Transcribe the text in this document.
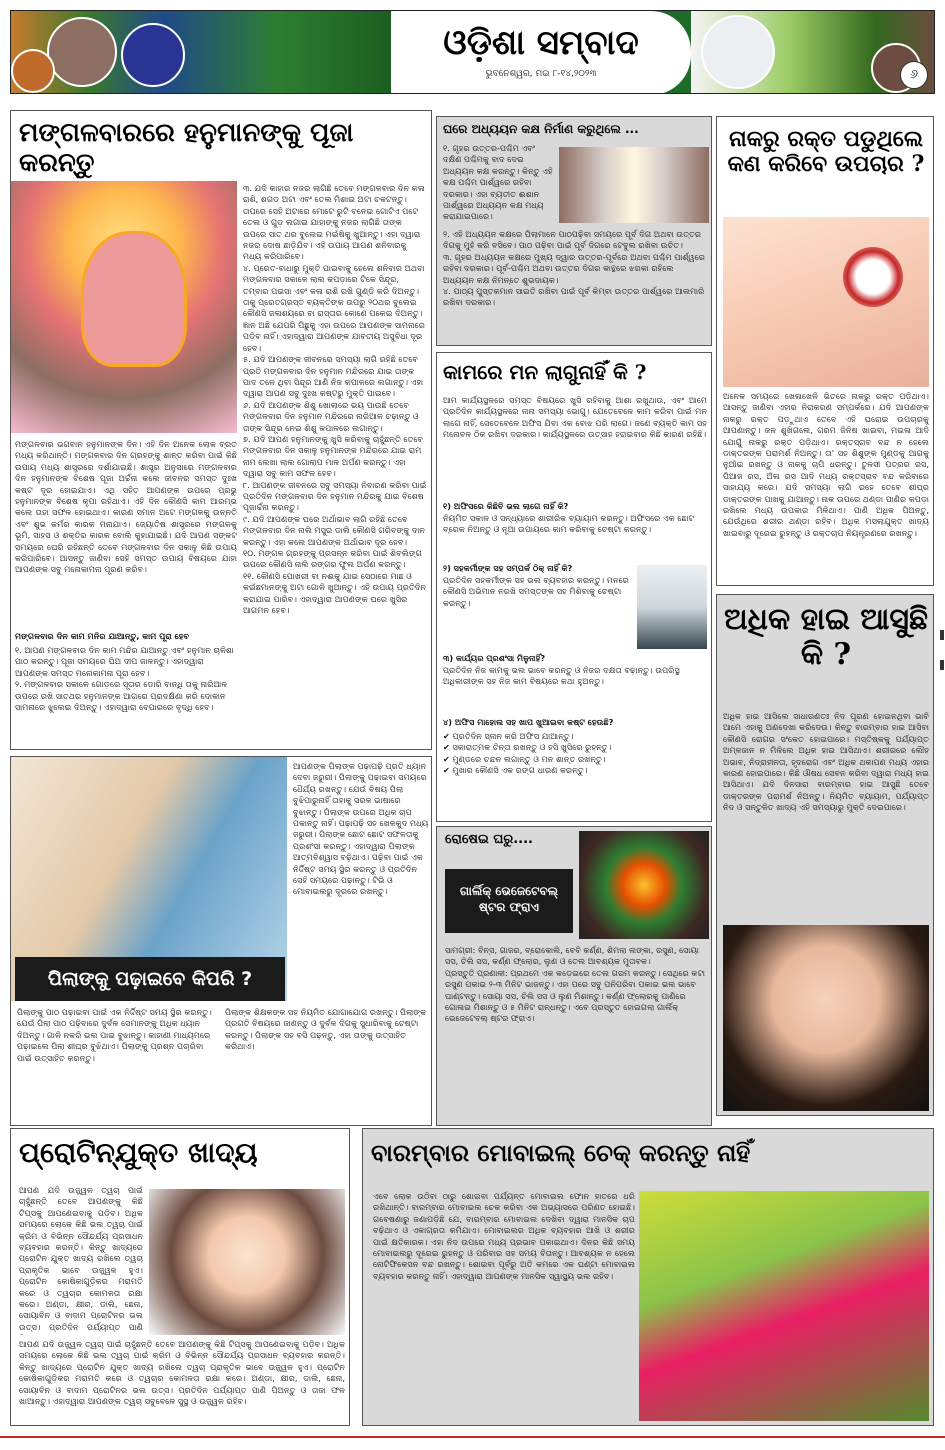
ଓଡ଼ିଶା ସମ୍ବାଦ
ଭୁବନେଶ୍ୱର, ମଇ ୮-୧୪,୨୦୨୩	୬
ମଙ୍ଗଳବାରରେ ହନୁମାନଙ୍କୁ ପୂଜା କରନ୍ତୁ
୩. ଯଦି କାହାର ନଜର ଲାଗିଛି ତେବେ ମଙ୍ଗଳବାର ଦିନ କଳା ରାଶି, ଶଗଡ ଅଟା ଏବଂ ତେଲ ମିଶାଇ ଅଟା ଚକଟନ୍ତୁ। ତାପରେ ସେହି ଅଟାରେ ମୋଟେ ରୁଟି ବନେଇ ଗୋଟିଏ ପଟେ ତେଲ ଓ ଗୁଡ଼ ଲଗାଇ ଯାହାଙ୍କୁ ନଜର ଲାଗିଛି ତାଙ୍କ ଉପରେ ସାତ ଥର ବୁଲେଇ ମଇଁଷିକୁ ଖୁଆନ୍ତୁ। ଏହା ଦ୍ୱାରା ନଜର ଦୋଷ ଛାଡ଼ିଯିବ। ଏହି ଉପାୟ ଆପଣ ଶନିବାରକୁ ମଧ୍ୟ କରିପାରିବେ।
୪. ପ୍ରେତ-ବାଧାରୁ ମୁକ୍ତି ପାଇବାକୁ ହେଲେ ଶନିବାର ଅଥବା ମଙ୍ଗଳବାର ସକାଳେ ଲାଲ କପଡ଼ାରେ ଟିକେ ସିନ୍ଦୂର, ତମ୍ବାର ପଇସା ଏବଂ କଳା ରାଶି ରଖି ଗୁଣ୍ଡି କରି ଦିଅନ୍ତୁ। ତାକୁ ପ୍ରେତଗ୍ରସ୍ତ ବ୍ୟକ୍ତିଙ୍କ ଉପରୁ ୨୦ଥର ବୁଲେଇ କୌଣସି ଜଳାଶୟରେ ବା ରାସ୍ତାର କୋଣେ ପକେଇ ଦିଅନ୍ତୁ। ଜ୍ଞାନ ଅଛି ଯେପରି ପିଛୁକୁ ଏହା ଉପରେ ଆପଣଙ୍କ ସାମନାରେ ପଡ଼ିବ ନାହିଁ। ଏହାଦ୍ୱାରା ଆପଣଙ୍କ ଯାବତୀୟ ଅସୁବିଧା ଦୂର ହେବ।
୫. ଯଦି ଆପଣଙ୍କ ଜୀବନରେ ସମସ୍ୟା ଲାଗି ରହିଛି ତେବେ ପ୍ରତି ମଙ୍ଗଳବାର ଦିନ ହନୁମାନ ମନ୍ଦିରରେ ଯାଇ ତାଙ୍କ ପାଦ ତଳେ ଥିବା ସିନ୍ଦୂର ଆଣି ନିଜ କପାଳରେ ଲଗାନ୍ତୁ। ଏହା ଦ୍ୱାରା ଆପଣ ସବୁ ଦୁଃଖ କଷ୍ଟରୁ ମୁକ୍ତି ପାଇବେ।
୬. ଯଦି ଆପଣଙ୍କ ଶିଶୁ ଖୋଲାରେ ଭୟ ପାଉଛି ତେବେ ମଙ୍ଗଳବାର ଦିନ ହନୁମାନ ମନ୍ଦିରରେ ନାରିଆଳ ଚଢ଼ାନ୍ତୁ ଓ ତାଙ୍କ ସିନ୍ଦୂର ନେଇ ଶିଶୁ କପାଳରେ ଲଗାନ୍ତୁ।
୭. ଯଦି ଆପଣ ହନୁମାନଙ୍କୁ ଖୁସି କରିବାକୁ ଚାହୁଁଛନ୍ତି ତେବେ ମଙ୍ଗଳବାର ଦିନ ସକାଳୁ ହନୁମାନଙ୍କ ମନ୍ଦିରରେ ଯାଇ ରାମ ନାମ ଲେଖା ଲାଲ ଗୋଲାପ ମାଳ ଅର୍ପଣ କରନ୍ତୁ। ଏହା ଦ୍ୱାରା ସବୁ କାମ ସଫଳ ହେବ।
୮. ଆପଣଙ୍କ ଜୀବନରେ ସବୁ ସମସ୍ୟା ନିବାରଣ କରିବା ପାଇଁ ପ୍ରତିଦିନ ମଙ୍ଗଳବାର ଦିନ ହନୁମାନ ମନ୍ଦିରକୁ ଯାଇ ବିଶେଷ ପୂଜାର୍ଚ୍ଚନା କରନ୍ତୁ।
୯. ଯଦି ଆପଣଙ୍କ ଘରେ ଅର୍ଥାଭାବ ଲାଗି ରହିଛି ତେବେ ମଙ୍ଗଳବାର ଦିନ ନାଲି ମସୁର ଡାଲି କୌଣସି ଗରିବଙ୍କୁ ଦାନ କରନ୍ତୁ। ଏହା କଲେ ଆପଣଙ୍କ ଅର୍ଥାଭାବ ଦୂର ହେବ।
୧୦. ମଙ୍ଗଳ ଗ୍ରହଙ୍କୁ ପ୍ରସନ୍ନ କରିବା ପାଇଁ ଶିବଲିଙ୍ଗ ଉପରେ କୌଣସି ନାଲି ରଙ୍ଗର ଫୁଲ ଅର୍ପଣ କରନ୍ତୁ।
୧୧. କୌଣସି ପୋଖରୀ ବା ନଈକୁ ଯାଇ ସେଠାରେ ମାଛ ଓ କଇଁଛମାନଙ୍କୁ ଅଟା ଗୋଳି ଖୁଆନ୍ତୁ। ଏହି ଉପାୟ ପ୍ରତିଦିନ କରାଯାଇ ପାରିବ। ଏହାଦ୍ୱାରା ଆପଣଙ୍କ ଘରେ ଖୁସିର ଆଗମନ ହେବ।
ମଙ୍ଗଳବାର ଭଗବାନ ହନୁମାନଙ୍କ ଦିନ। ଏହି ଦିନ ଅନେକ ଲୋକ ବ୍ରତ ମଧ୍ୟ କରିଥାନ୍ତି। ମଙ୍ଗଳବାର ଦିନ ଗ୍ରହଙ୍କୁ ଶାନ୍ତ କରିବା ପାଇଁ କିଛି ଉପାୟ ମଧ୍ୟ ଶାସ୍ତ୍ରରେ ଦର୍ଶାଯାଇଛି। ଶାସ୍ତ୍ର ଅନୁସାରେ ମଙ୍ଗଳବାର ଦିନ ହନୁମାନଙ୍କ ବିଶେଷ ପୂଜା ଅର୍ଚ୍ଚନା କଲେ ଜୀବନର ସମସ୍ତ ଦୁଃଖ କଷ୍ଟ ଦୂର ହୋଇଯାଏ। ଏଥି ସହିତ ଆପଣଙ୍କ ଉପରେ ପ୍ରଭୁ ହନୁମାନଙ୍କ ବିଶେଷ କୃପା ରହିଥାଏ। ଏହି ଦିନ କୌଣସି କାମ ଆରମ୍ଭ କଲେ ତାହା ସଫଳ ହୋଇଥାଏ। କାରଣ ସମାନ ଅଟେ ମଙ୍ଗଳକୁ ଉନ୍ନତି ଏବଂ ଶୁଭ କର୍ମର କାରକ ମନାଯାଏ। ଜ୍ୟୋତିଷ ଶାସ୍ତ୍ରରେ ମଙ୍ଗଳକୁ ଭୂମି, ସାହସ ଓ ଶକ୍ତିର କାରକ ବୋଲି କୁହାଯାଇଛି। ଯଦି ଆପଣ ସଙ୍କଟ ସମୟରେ ଘେରି ରହିଛନ୍ତି ତେବେ ମଙ୍ଗଳବାର ଦିନ ସକାଳୁ କିଛି ଉପାୟ କରିପାରିବେ। ଆସନ୍ତୁ ଜାଣିବା ସେହି ସମସ୍ତ ଉପାୟ ବିଷୟରେ ଯାହା ଆପଣଙ୍କ ସବୁ ମନୋକାମନା ପୂରଣ କରିବ।
ମଙ୍ଗଳବାର ଦିନ କାମ ମନିର ଯାଆନ୍ତୁ, କାମ ପୂରା ହେବ
୧. ଆପଣ ମଙ୍ଗଳବାର ଦିନ କାମ ମନ୍ଦିର ଯାଆନ୍ତୁ ଏବଂ ହନୁମାନ ଚାଳିଶା ପାଠ କରନ୍ତୁ। ପୂଜା ସମୟରେ ଘିଅ ଦୀପ ଜାଳନ୍ତୁ। ଏହାଦ୍ୱାରା ଆପଣଙ୍କ ସମସ୍ତ ମନୋକାମନା ପୂରା ହେବ।
୨. ମଙ୍ଗଳବାର ସକାଳେ ଗୋଡ଼ରେ ସୂତାର ଡୋରି ବାନ୍ଧି ତାକୁ ନାରିଆଳ ଉପରେ ରଖି ସାତଥର ହନୁମାନଙ୍କ ଆଗରେ ପ୍ରଦକ୍ଷିଣା କରି ଦୋକାନ ସାମନାରେ ଝୁଲେଇ ଦିଅନ୍ତୁ। ଏହାଦ୍ୱାରା ବେପାରରେ ବୃଦ୍ଧି ହେବ।
ଘରେ ଅଧ୍ୟୟନ କକ୍ଷ ନିର୍ମାଣ କରୁଥିଲେ ...
୧. ଗୃହର ଉତ୍ତର-ପଶ୍ଚିମ ଏବଂ ଦକ୍ଷିଣ ପଶ୍ଚିମକୁ ବାଦ ଦେଇ ଅଧ୍ୟୟନ କକ୍ଷ କରନ୍ତୁ। କିନ୍ତୁ ଏହି କକ୍ଷ ପଶ୍ଚିମ ପାର୍ଶ୍ୱରେ ରହିବା ଦରକାର। ଏହା ବ୍ୟତୀତ ଈଶାନ ପାର୍ଶ୍ୱରେ ଅଧ୍ୟୟନ କକ୍ଷ ମଧ୍ୟ କରାଯାଇପାରେ।
୨. ଏହି ଅଧ୍ୟୟନ କକ୍ଷରେ ପିଲାମାନେ ପାଠପଢ଼ିବା ସମୟରେ ପୂର୍ବ ଦିଗ ଅଥବା ଉତ୍ତର ଦିଗକୁ ମୁହଁ କରି ବସିବେ। ପାଠ ପଢ଼ିବା ପାଇଁ ପୂର୍ବ ଦିଗରେ ଟେବୁଲ ରଖିବା ଉଚିତ।
୩. ଗୃହର ଅଧ୍ୟୟନ କକ୍ଷରେ ମୁଖ୍ୟ ଦ୍ୱାର ଉତ୍ତର-ପୂର୍ବରେ ଅଥବା ପଶ୍ଚିମ ପାର୍ଶ୍ୱରେ ରହିବା ଦରକାର। ପୂର୍ବ-ପଶ୍ଚିମ ଅଥବା ଉତ୍ତର ଦିଗର କାନ୍ଥରେ ଝରକା ରହିଲେ ଅଧ୍ୟୟନ କକ୍ଷ ନିମନ୍ତେ ଶୁଭଦାୟକ।
୪. ପାଠ୍ୟ ପୁସ୍ତକମାନ ସାଇତି ରଖିବା ପାଇଁ ପୂର୍ବ କିମ୍ବା ଉତ୍ତର ପାର୍ଶ୍ୱରେ ଆଲମାରି ରଖିବା ଦରକାର।
କାମରେ ମନ ଲାଗୁନାହିଁ କି ?
ଆମ କାର୍ଯ୍ୟସ୍ଥଳରେ ସମସ୍ତ ବିଷୟରେ ଖୁସି ରହିବାକୁ ଆଶା ରଖୁଥାଉ, ଏବଂ ଆମେ ପ୍ରତିଦିନ କାର୍ଯ୍ୟସ୍ଥଳରେ ନାନା ସମସ୍ୟା ଭୋଗୁ। ଯେତେବେଳେ କାମ କରିବା ପାଇଁ ମନ ଲାଗେ ନାହିଁ, ସେତେବେଳେ ଅଫିସ ଯିବା ଏକ ବୋଝ ପରି ଲାଗେ। ଜଣେ ବ୍ୟକ୍ତି କାମ ସହ ମନୋବଳ ଠିକ ରଖିବା ଦରକାର। କାର୍ଯ୍ୟସ୍ଥଳରେ ଉତ୍ସାହ ହରାଇବାର କିଛି କାରଣ ରହିଛି।
୧) ଅଫିସରେ କିଛିବି ଭଲ ଲାଗେ ନାହିଁ କି?
ନିୟମିତ ସକାଳ ଓ ସନ୍ଧ୍ୟାରେ ଶାରୀରିକ ବ୍ୟାୟାମ କରନ୍ତୁ। ଅଫିସରେ ଏକ ଛୋଟ ବ୍ରେକ ନିଅନ୍ତୁ ଓ ନୂଆ ଉପାୟରେ କାମ କରିବାକୁ ଚେଷ୍ଟା କରନ୍ତୁ।
୨) ସହକର୍ମୀଙ୍କ ସହ ସମ୍ପର୍କ ଠିକ୍ ନାହିଁ କି?
ପ୍ରତିଦିନ ସହକର୍ମୀଙ୍କ ସହ ଭଲ ବ୍ୟବହାର କରନ୍ତୁ। ମନରେ କୌଣସି ଅଭିମାନ ନରଖି ସମସ୍ତଙ୍କ ସହ ମିଶିବାକୁ ଚେଷ୍ଟା କରନ୍ତୁ।
୩) କାର୍ଯ୍ୟର ପ୍ରଶଂସା ମିଳୁନାହିଁ?
ପ୍ରତିଦିନ ନିଜ କାମକୁ ଭଲ ଭାବେ କରନ୍ତୁ ଓ ନିଜର ଦକ୍ଷତା ବଢ଼ାନ୍ତୁ। ଉପରିସ୍ଥ ଅଧିକାରୀଙ୍କ ସହ ନିଜ କାମ ବିଷୟରେ କଥା ହୁଅନ୍ତୁ।
୪) ଅଫିସ ମାହୋଲ ସହ ଖାପ ଖୁଆଇବା କଷ୍ଟ ହେଉଛି?
✔ ପ୍ରତିଦିନ ସ୍ନାନ କରି ଅଫିସ ଯାଆନ୍ତୁ।
✔ ସକାରାତ୍ମକ ଚିନ୍ତା ରଖନ୍ତୁ ଓ ହସି ଖୁସିରେ ରୁହନ୍ତୁ।
✔ ମୁଣ୍ଡରେ ଚନ୍ଦନ ଲଗାନ୍ତୁ ଓ ମନ ଶାନ୍ତ ରଖନ୍ତୁ।
✔ ମୁଖାର କୌଣସି ଏକ ରଙ୍ଗ ଧାରଣ କରନ୍ତୁ।
ନାକରୁ ରକ୍ତ ପଡୁଥିଲେ କଣ କରିବେ ଉପଚାର ?
ଅନେକ ସମୟରେ ଖେଳାଖେଳି ଭିତରେ ନାକରୁ ରକ୍ତ ପଡ଼ିଥାଏ। ଆସନ୍ତୁ ଜାଣିବା ଏହାର ନିରାକରଣ ସମ୍ପର୍କରେ। ଯଦି ଆପଣଙ୍କ ନାକରୁ ରକ୍ତ ପଡ଼ୁଥାଏ ତେବେ ଏହି ଘରୋଇ ଉପଚାରକୁ ଆପଣାନ୍ତୁ। ଜଳ ଶୁଖିଗଲେ, ଗରମ ଜିନିଷ ଖାଇବା, ମଇଳା ଆଦି ଯୋଗୁଁ ନାକରୁ ରକ୍ତ ପଡ଼ିଥାଏ। ରକ୍ତସ୍ରାବ ବନ୍ଦ ନ ହେଲେ ଡାକ୍ତରଙ୍କ ପରାମର୍ଶ ନିଅନ୍ତୁ। ତା' ସହ ଶିଶୁଙ୍କ ମୁଣ୍ଡକୁ ଆଗକୁ ନୁଆଁଇ ରଖନ୍ତୁ ଓ ନାକକୁ ଚାପି ଧରନ୍ତୁ। ତୁଳସୀ ପତ୍ରର ରସ, ପିଆଜ ରସ, ଅଁଳା ରସ ଆଦି ମଧ୍ୟ ରକ୍ତସ୍ରାବ ବନ୍ଦ କରିବାରେ ସାହାଯ୍ୟ କରେ। ଯଦି ସମସ୍ୟା ଲାଗି ରହେ ତେବେ ଶୀଘ୍ର ଡାକ୍ତରଙ୍କ ପାଖକୁ ଯାଆନ୍ତୁ। ନାକ ଉପରେ ଥଣ୍ଡା ପାଣିର କପଡ଼ା ରଖିଲେ ମଧ୍ୟ ଉପକାର ମିଳିଥାଏ। ପାଣି ଅଧିକ ପିଅନ୍ତୁ, ଯେଉଁଥିରେ ଶରୀର ଥଣ୍ଡା ରହିବ। ଅଧିକ ମସଲାଯୁକ୍ତ ଖାଦ୍ୟ ଖାଇବାରୁ ଦୂରେଇ ରୁହନ୍ତୁ ଓ ରକ୍ତଚାପ ନିୟନ୍ତ୍ରଣରେ ରଖନ୍ତୁ।
ଅଧିକ ହାଇ ଆସୁଛି କି ?
ଅଧିକ ହାଇ ଆସିଲେ ସାଧାରଣତଃ ନିଦ ପୂରଣ ହୋଇନଥିବା ଭାବି ଆମେ ଏହାକୁ ଅଣଦେଖା କରିଦେଉ। କିନ୍ତୁ ବାରମ୍ବାର ହାଇ ଆସିବା କୌଣସି ରୋଗର ସଂକେତ ହୋଇପାରେ। ମସ୍ତିଷ୍କକୁ ପର୍ଯ୍ୟାପ୍ତ ଅମ୍ଳଜାନ ନ ମିଳିଲେ ଅଧିକ ହାଇ ଆସିଥାଏ। ଶରୀରରେ ଲୌହ ଅଭାବ, ନିଦ୍ରାହୀନତା, ହୃଦରୋଗ ଏବଂ ଅଧିକ ଥକାପଣ ମଧ୍ୟ ଏହାର କାରଣ ହୋଇପାରେ। କିଛି ଔଷଧ ସେବନ କରିବା ଦ୍ୱାରା ମଧ୍ୟ ହାଇ ଆସିଥାଏ। ଯଦି ଦିନସାରା ବାରମ୍ବାର ହାଇ ଆସୁଛି ତେବେ ଡାକ୍ତରଙ୍କ ପରାମର୍ଶ ନିଅନ୍ତୁ। ନିୟମିତ ବ୍ୟାୟାମ, ପର୍ଯ୍ୟାପ୍ତ ନିଦ ଓ ସନ୍ତୁଳିତ ଖାଦ୍ୟ ଏହି ସମସ୍ୟାରୁ ମୁକ୍ତି ଦେଇପାରେ।
ପିଲାଙ୍କୁ ପଢ଼ାଇବେ କିପରି ?
ଆପଣଙ୍କ ପିଲାଙ୍କ ପଢ଼ାପଢ଼ି ପ୍ରତି ଧ୍ୟାନ ଦେବା ଜରୁରୀ। ପିଲାଙ୍କୁ ପଢ଼ାଇବା ସମୟରେ ଧୈର୍ଯ୍ୟ ରଖନ୍ତୁ। ଯେଉଁ ବିଷୟ ପିଲା ବୁଝିପାରୁନାହିଁ ତାହାକୁ ସରଳ ଭାଷାରେ ବୁଝାନ୍ତୁ। ପିଲାଙ୍କ ଉପରେ ଅଧିକ ଚାପ ପକାନ୍ତୁ ନାହିଁ। ପଢ଼ାପଢ଼ି ସହ ଖେଳକୁଦ ମଧ୍ୟ ଜରୁରୀ। ପିଲାଙ୍କ ଛୋଟ ଛୋଟ ସଫଳତାକୁ ପ୍ରଶଂସା କରନ୍ତୁ। ଏହାଦ୍ୱାରା ପିଲାଙ୍କ ଆତ୍ମବିଶ୍ୱାସ ବଢ଼ିଥାଏ। ପଢ଼ିବା ପାଇଁ ଏକ ନିର୍ଦ୍ଦିଷ୍ଟ ସମୟ ସ୍ଥିର କରନ୍ତୁ ଓ ପ୍ରତିଦିନ ସେହି ସମୟରେ ପଢ଼ାନ୍ତୁ। ଟିଭି ଓ ମୋବାଇଲରୁ ଦୂରରେ ରଖନ୍ତୁ।
ପିଲାଙ୍କୁ ପାଠ ପଢ଼ାଇବା ପାଇଁ ଏକ ନିର୍ଦ୍ଦିଷ୍ଟ ସମୟ ସ୍ଥିର କରନ୍ତୁ। ଯେଉଁ ପିଲା ପାଠ ପଢ଼ିବାରେ ଦୁର୍ବଳ ସେମାନଙ୍କୁ ଅଧିକ ଧ୍ୟାନ ଦିଅନ୍ତୁ। ଗାଳି ନକରି ଭଲ ପାଇ ବୁଝାନ୍ତୁ। କାହାଣୀ ମାଧ୍ୟମରେ ପଢ଼ାଇଲେ ପିଲା ଶୀଘ୍ର ବୁଝିଥାଏ। ପିଲାଙ୍କୁ ପ୍ରଶ୍ନ ପଚାରିବା ପାଇଁ ଉତ୍ସାହିତ କରନ୍ତୁ।
ପିଲାଙ୍କ ଶିକ୍ଷକଙ୍କ ସହ ନିୟମିତ ଯୋଗାଯୋଗ ରଖନ୍ତୁ। ପିଲାଙ୍କ ପ୍ରଗତି ବିଷୟରେ ଜାଣନ୍ତୁ ଓ ଦୁର୍ବଳ ଦିଗକୁ ସୁଧାରିବାକୁ ଚେଷ୍ଟା କରନ୍ତୁ। ପିଲାଙ୍କ ସହ ବସି ପଢ଼ନ୍ତୁ, ଏହା ତାଙ୍କୁ ଉତ୍ସାହିତ କରିଥାଏ।
ରୋଷେଇ ଘରୁ....
ଗାର୍ଲିକ୍ ଭେଜେଟେବଲ୍ ଷ୍ଟର ଫ୍ରାଏ
ସାମଗ୍ରୀ: ବିନ୍ସ, ଗାଜର, ବ୍ରୋକୋଲି, ବେବି କର୍ଣ୍ଣ, ଶିମଲା ଲଙ୍କା, ରସୁଣ, ସୋୟା ସସ, ଚିଲି ସସ, କର୍ଣ୍ଣ ଫ୍ଲୋର, ଲୁଣ ଓ ତେଲ ଆବଶ୍ୟକ ମୁତାବକ।
ପ୍ରସ୍ତୁତି ପ୍ରଣାଳୀ: ପ୍ରଥମେ ଏକ କଡ଼େଇରେ ତେଲ ଗରମ କରନ୍ତୁ। ସେଥିରେ କଟା ରସୁଣ ପକାଇ ୨-୩ ମିନିଟ ଭାଜନ୍ତୁ। ଏହା ପରେ ସବୁ ପନିପରିବା ପକାଇ ଭଲ ଭାବେ ଘାଣ୍ଟନ୍ତୁ। ସୋୟା ସସ, ଚିଲି ସସ ଓ ଲୁଣ ମିଶାନ୍ତୁ। କର୍ଣ୍ଣ ଫ୍ଲୋରକୁ ପାଣିରେ ଗୋଳାଇ ମିଶାନ୍ତୁ ଓ ୫ ମିନିଟ ରାନ୍ଧନ୍ତୁ। ଏବେ ପ୍ରସ୍ତୁତ ହୋଇଗଲା ଗାର୍ଲିକ୍ ଭେଜେଟେବଲ୍ ଷ୍ଟର ଫ୍ରାଏ।
ପ୍ରୋଟିନ୍‌ଯୁକ୍ତ ଖାଦ୍ୟ
ଆପଣ ଯଦି ଉଜ୍ଜ୍ୱଳ ତ୍ୱଚା ପାଇଁ ଚାହୁଁଛନ୍ତି ତେବେ ଆପଣଙ୍କୁ କିଛି ଟିପ୍ସକୁ ଆପଣେଇବାକୁ ପଡ଼ିବ। ଅଧିକ ସମୟରେ ଲୋକେ କିଛି ଭଲ ତ୍ୱଚା ପାଇଁ କ୍ରିମ ଓ ବିଭିନ୍ନ ସୌନ୍ଦର୍ଯ୍ୟ ପ୍ରସାଧନ ବ୍ୟବହାର କରନ୍ତି। କିନ୍ତୁ ଖାଦ୍ୟରେ ପ୍ରୋଟିନ ଯୁକ୍ତ ଖାଦ୍ୟ ରଖିଲେ ତ୍ୱଚା ପ୍ରାକୃତିକ ଭାବେ ଉଜ୍ଜ୍ୱଳ ହୁଏ। ପ୍ରୋଟିନ କୋଷିକାଗୁଡ଼ିକର ମରାମତି କରେ ଓ ତ୍ୱଚାର କୋମଳତା ରକ୍ଷା କରେ। ଅଣ୍ଡା, କ୍ଷୀର, ଡାଲି, ଛେନା, ସୋୟାବିନ ଓ ବାଦାମ ପ୍ରୋଟିନର ଭଲ ଉତ୍ସ। ପ୍ରତିଦିନ ପର୍ଯ୍ୟାପ୍ତ ପାଣି
ଆପଣ ଯଦି ଉଜ୍ଜ୍ୱଳ ତ୍ୱଚା ପାଇଁ ଚାହୁଁଛନ୍ତି ତେବେ ଆପଣଙ୍କୁ କିଛି ଟିପ୍ସକୁ ଆପଣେଇବାକୁ ପଡ଼ିବ। ଅଧିକ ସମୟରେ ଲୋକେ କିଛି ଭଲ ତ୍ୱଚା ପାଇଁ କ୍ରିମ ଓ ବିଭିନ୍ନ ସୌନ୍ଦର୍ଯ୍ୟ ପ୍ରସାଧନ ବ୍ୟବହାର କରନ୍ତି। କିନ୍ତୁ ଖାଦ୍ୟରେ ପ୍ରୋଟିନ ଯୁକ୍ତ ଖାଦ୍ୟ ରଖିଲେ ତ୍ୱଚା ପ୍ରାକୃତିକ ଭାବେ ଉଜ୍ଜ୍ୱଳ ହୁଏ। ପ୍ରୋଟିନ କୋଷିକାଗୁଡ଼ିକର ମରାମତି କରେ ଓ ତ୍ୱଚାର କୋମଳତା ରକ୍ଷା କରେ। ଅଣ୍ଡା, କ୍ଷୀର, ଡାଲି, ଛେନା, ସୋୟାବିନ ଓ ବାଦାମ ପ୍ରୋଟିନର ଭଲ ଉତ୍ସ। ପ୍ରତିଦିନ ପର୍ଯ୍ୟାପ୍ତ ପାଣି ପିଅନ୍ତୁ ଓ ତାଜା ଫଳ ଖାଆନ୍ତୁ। ଏହାଦ୍ୱାରା ଆପଣଙ୍କ ତ୍ୱଚା ସବୁବେଳେ ସୁସ୍ଥ ଓ ଉଜ୍ଜ୍ୱଳ ରହିବ।
ବାରମ୍ବାର ମୋବାଇଲ୍ ଚେକ୍ କରନ୍ତୁ ନାହିଁ
ଏବେ ଲୋକ ଉଠିବା ଠାରୁ ଶୋଇବା ପର୍ଯ୍ୟନ୍ତ ମୋବାଇଲ ଫୋନ ହାତରେ ଧରି ରଖିଥାନ୍ତି। ବାରମ୍ବାର ମୋବାଇଲ ଚେକ କରିବା ଏକ ଅଭ୍ୟାସରେ ପରିଣତ ହୋଇଛି। ଗବେଷଣାରୁ ଜଣାପଡ଼ିଛି ଯେ, ବାରମ୍ବାର ମୋବାଇଲ ଦେଖିବା ଦ୍ୱାରା ମାନସିକ ଚାପ ବଢ଼ିଥାଏ ଓ ଏକାଗ୍ରତା କମିଯାଏ। ମୋବାଇଲର ଅଧିକ ବ୍ୟବହାର ଆଖି ଓ ଶରୀର ପାଇଁ କ୍ଷତିକାରକ। ଏହା ନିଦ ଉପରେ ମଧ୍ୟ ପ୍ରଭାବ ପକାଇଥାଏ। ଦିନର କିଛି ସମୟ ମୋବାଇଲରୁ ଦୂରେଇ ରୁହନ୍ତୁ ଓ ପରିବାର ସହ ସମୟ ବିତାନ୍ତୁ। ଆବଶ୍ୟକ ନ ହେଲେ ନୋଟିଫିକେସନ ବନ୍ଦ ରଖନ୍ତୁ। ଶୋଇବା ପୂର୍ବରୁ ଅତି କମରେ ଏକ ଘଣ୍ଟା ମୋବାଇଲ ବ୍ୟବହାର କରନ୍ତୁ ନାହିଁ। ଏହାଦ୍ୱାରା ଆପଣଙ୍କ ମାନସିକ ସ୍ୱାସ୍ଥ୍ୟ ଭଲ ରହିବ।
